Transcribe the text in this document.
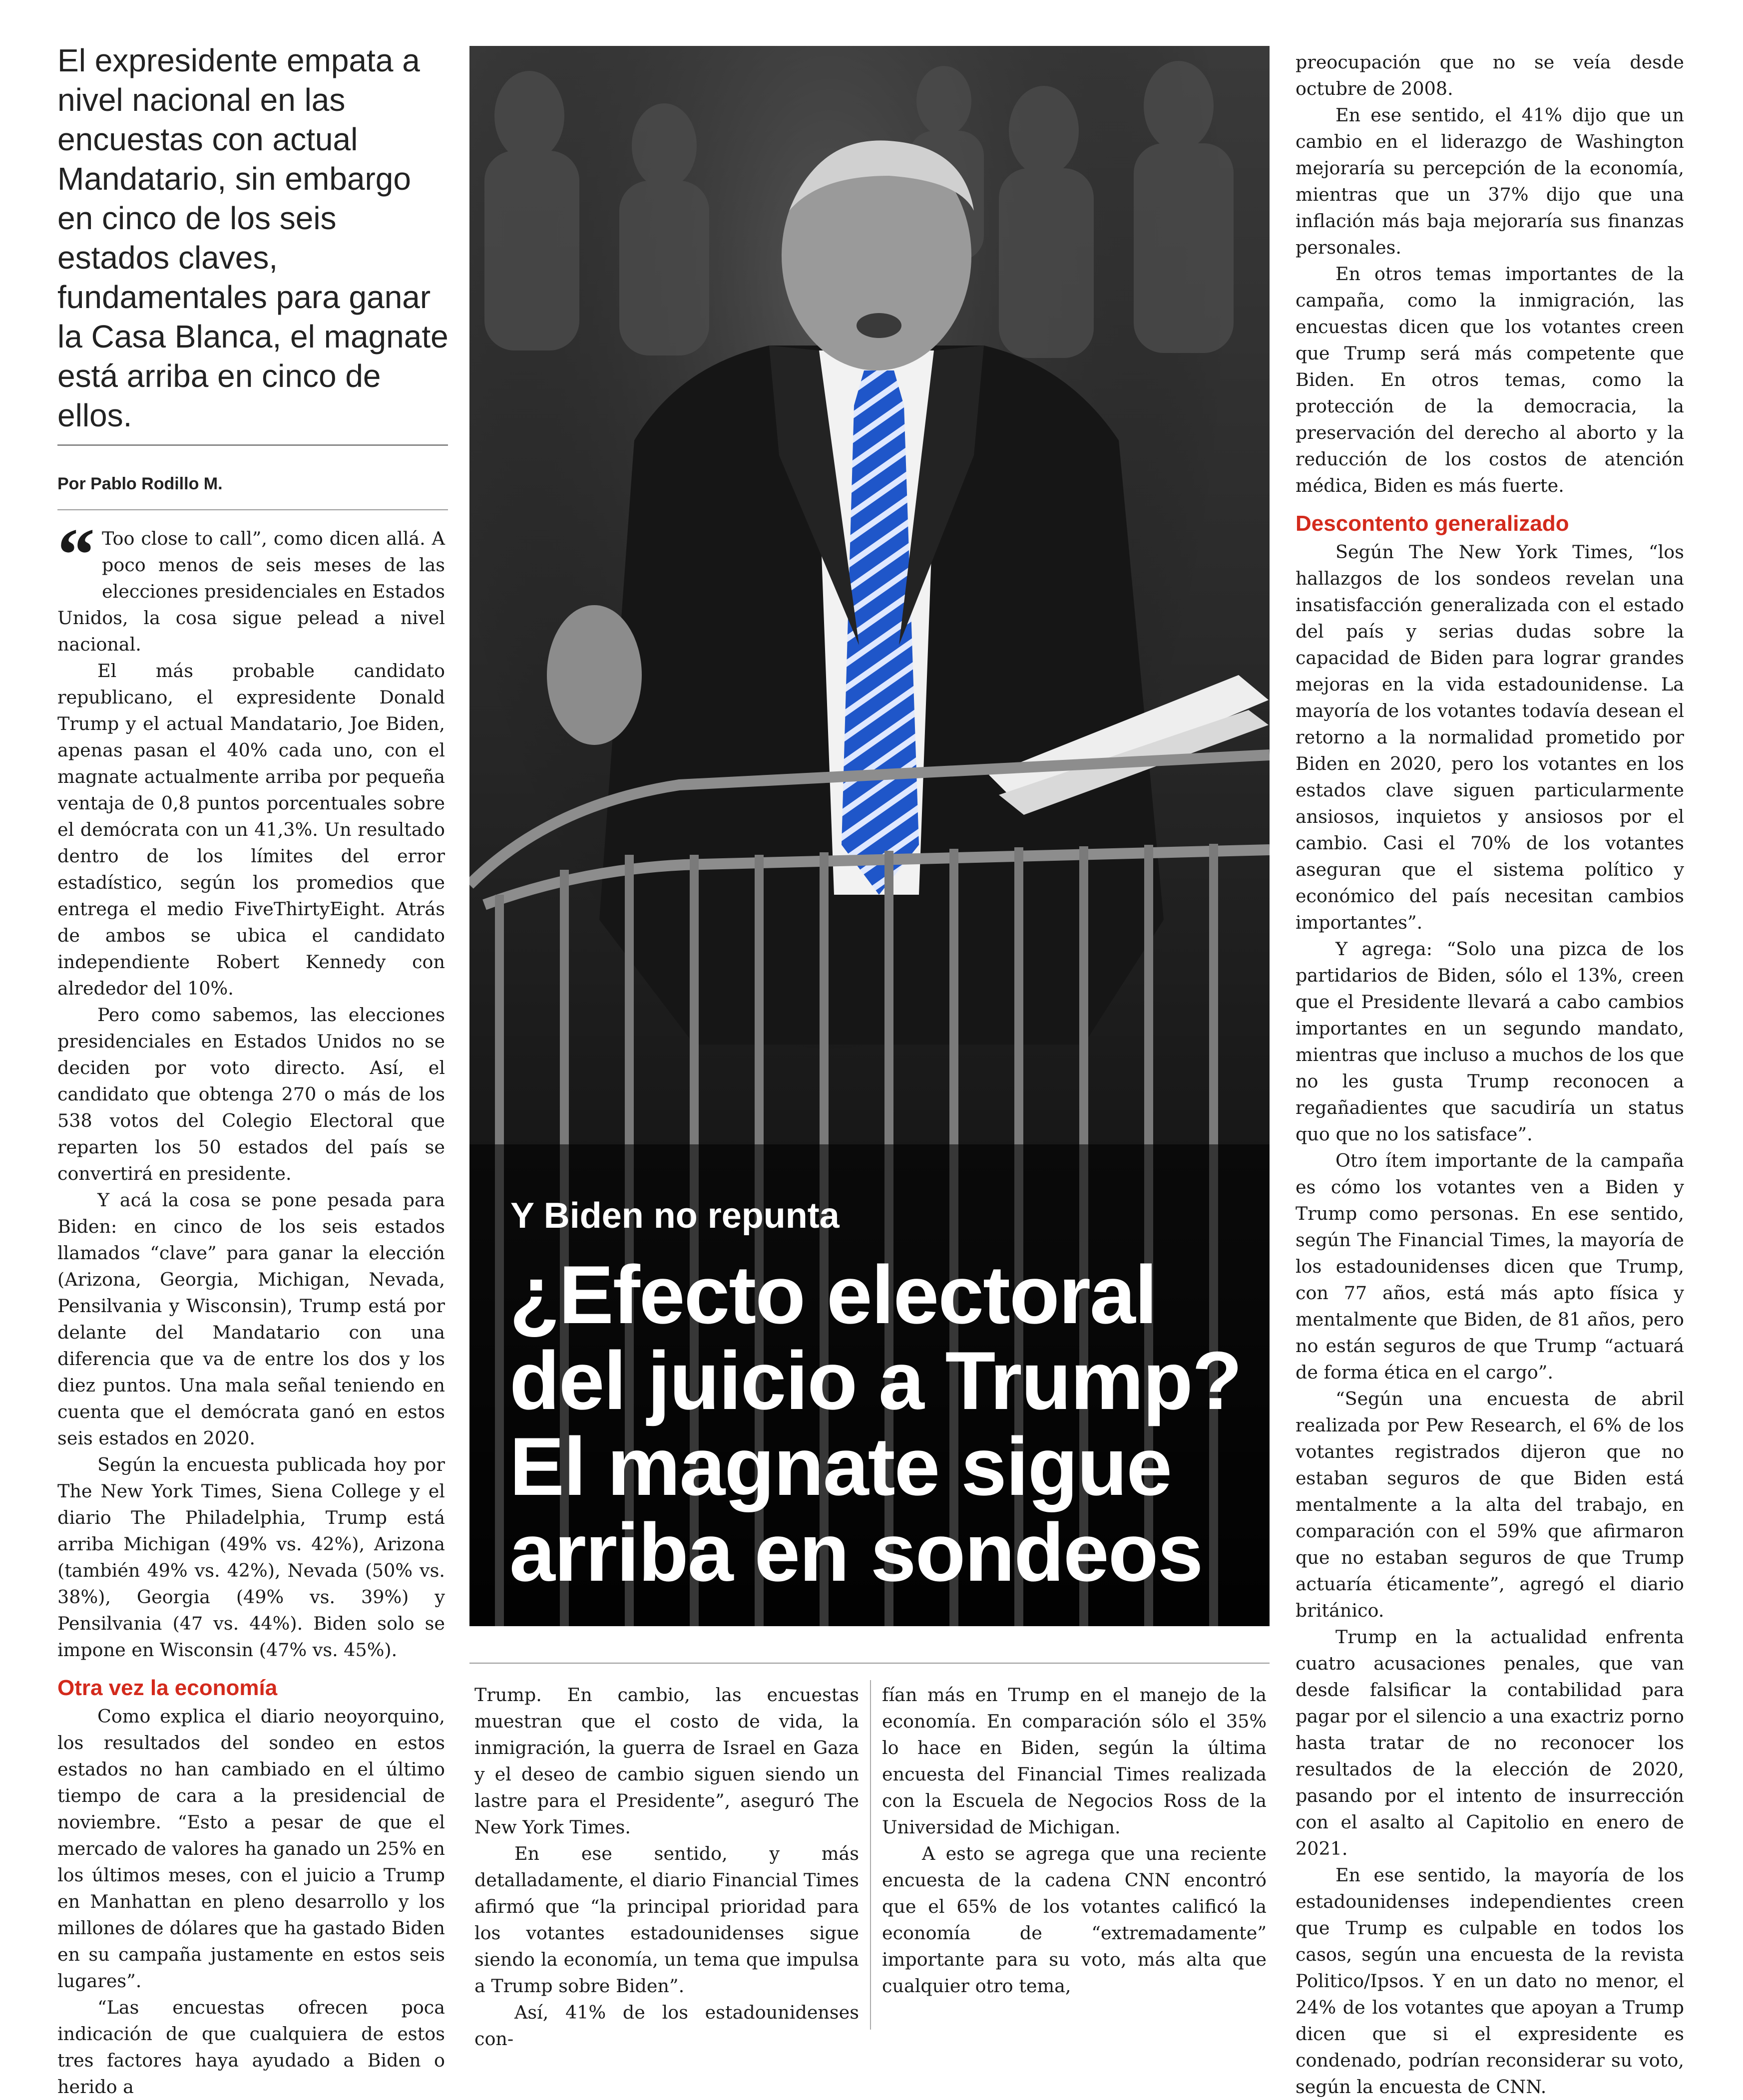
El expresidente empata a nivel nacional en las encuestas con actual Mandatario, sin embargo en cinco de los seis estados claves, fundamentales para ganar la Casa Blanca, el magnate está arriba en cinco de ellos.

Por Pablo Rodillo M.

“ Too close to call”, como dicen allá. A poco menos de seis meses de las elecciones presidenciales en Estados Unidos, la cosa sigue pelead a nivel nacional.

El más probable candidato republicano, el expresidente Donald Trump y el actual Mandatario, Joe Biden, apenas pasan el 40% cada uno, con el magnate actualmente arriba por pequeña ventaja de 0,8 puntos porcentuales sobre el demócrata con un 41,3%. Un resultado dentro de los límites del error estadístico, según los promedios que entrega el medio FiveThirtyEight. Atrás de ambos se ubica el candidato independiente Robert Kennedy con alrededor del 10%.

Pero como sabemos, las elecciones presidenciales en Estados Unidos no se deciden por voto directo. Así, el candidato que obtenga 270 o más de los 538 votos del Colegio Electoral que reparten los 50 estados del país se convertirá en presidente.

Y acá la cosa se pone pesada para Biden: en cinco de los seis estados llamados “clave” para ganar la elección (Arizona, Georgia, Michigan, Nevada, Pensilvania y Wisconsin), Trump está por delante del Mandatario con una diferencia que va de entre los dos y los diez puntos. Una mala señal teniendo en cuenta que el demócrata ganó en estos seis estados en 2020.

Según la encuesta publicada hoy por The New York Times, Siena College y el diario The Philadelphia, Trump está arriba Michigan (49% vs. 42%), Arizona (también 49% vs. 42%), Nevada (50% vs. 38%), Georgia (49% vs. 39%) y Pensilvania (47 vs. 44%). Biden solo se impone en Wisconsin (47% vs. 45%).

Otra vez la economía

Como explica el diario neoyorquino, los resultados del sondeo en estos estados no han cambiado en el último tiempo de cara a la presidencial de noviembre. “Esto a pesar de que el mercado de valores ha ganado un 25% en los últimos meses, con el juicio a Trump en Manhattan en pleno desarrollo y los millones de dólares que ha gastado Biden en su campaña justamente en estos seis lugares”.

“Las encuestas ofrecen poca indicación de que cualquiera de estos tres factores haya ayudado a Biden o herido a

Y Biden no repunta
¿Efecto electoral del juicio a Trump? El magnate sigue arriba en sondeos

Trump. En cambio, las encuestas muestran que el costo de vida, la inmigración, la guerra de Israel en Gaza y el deseo de cambio siguen siendo un lastre para el Presidente”, aseguró The New York Times.

En ese sentido, y más detalladamente, el diario Financial Times afirmó que “la principal prioridad para los votantes estadounidenses sigue siendo la economía, un tema que impulsa a Trump sobre Biden”.

Así, 41% de los estadounidenses con-

fían más en Trump en el manejo de la economía. En comparación sólo el 35% lo hace en Biden, según la última encuesta del Financial Times realizada con la Escuela de Negocios Ross de la Universidad de Michigan.

A esto se agrega que una reciente encuesta de la cadena CNN encontró que el 65% de los votantes calificó la economía de “extremadamente” importante para su voto, más alta que cualquier otro tema,

preocupación que no se veía desde octubre de 2008.

En ese sentido, el 41% dijo que un cambio en el liderazgo de Washington mejoraría su percepción de la economía, mientras que un 37% dijo que una inflación más baja mejoraría sus finanzas personales.

En otros temas importantes de la campaña, como la inmigración, las encuestas dicen que los votantes creen que Trump será más competente que Biden. En otros temas, como la protección de la democracia, la preservación del derecho al aborto y la reducción de los costos de atención médica, Biden es más fuerte.

Descontento generalizado

Según The New York Times, “los hallazgos de los sondeos revelan una insatisfacción generalizada con el estado del país y serias dudas sobre la capacidad de Biden para lograr grandes mejoras en la vida estadounidense. La mayoría de los votantes todavía desean el retorno a la normalidad prometido por Biden en 2020, pero los votantes en los estados clave siguen particularmente ansiosos, inquietos y ansiosos por el cambio. Casi el 70% de los votantes aseguran que el sistema político y económico del país necesitan cambios importantes”.

Y agrega: “Solo una pizca de los partidarios de Biden, sólo el 13%, creen que el Presidente llevará a cabo cambios importantes en un segundo mandato, mientras que incluso a muchos de los que no les gusta Trump reconocen a regañadientes que sacudiría un status quo que no los satisface”.

Otro ítem importante de la campaña es cómo los votantes ven a Biden y Trump como personas. En ese sentido, según The Financial Times, la mayoría de los estadounidenses dicen que Trump, con 77 años, está más apto física y mentalmente que Biden, de 81 años, pero no están seguros de que Trump “actuará de forma ética en el cargo”.

“Según una encuesta de abril realizada por Pew Research, el 6% de los votantes registrados dijeron que no estaban seguros de que Biden está mentalmente a la alta del trabajo, en comparación con el 59% que afirmaron que no estaban seguros de que Trump actuaría éticamente”, agregó el diario británico.

Trump en la actualidad enfrenta cuatro acusaciones penales, que van desde falsificar la contabilidad para pagar por el silencio a una exactriz porno hasta tratar de no reconocer los resultados de la elección de 2020, pasando por el intento de insurrección con el asalto al Capitolio en enero de 2021.

En ese sentido, la mayoría de los estadounidenses independientes creen que Trump es culpable en todos los casos, según una encuesta de la revista Politico/Ipsos. Y en un dato no menor, el 24% de los votantes que apoyan a Trump dicen que si el expresidente es condenado, podrían reconsiderar su voto, según la encuesta de CNN.
